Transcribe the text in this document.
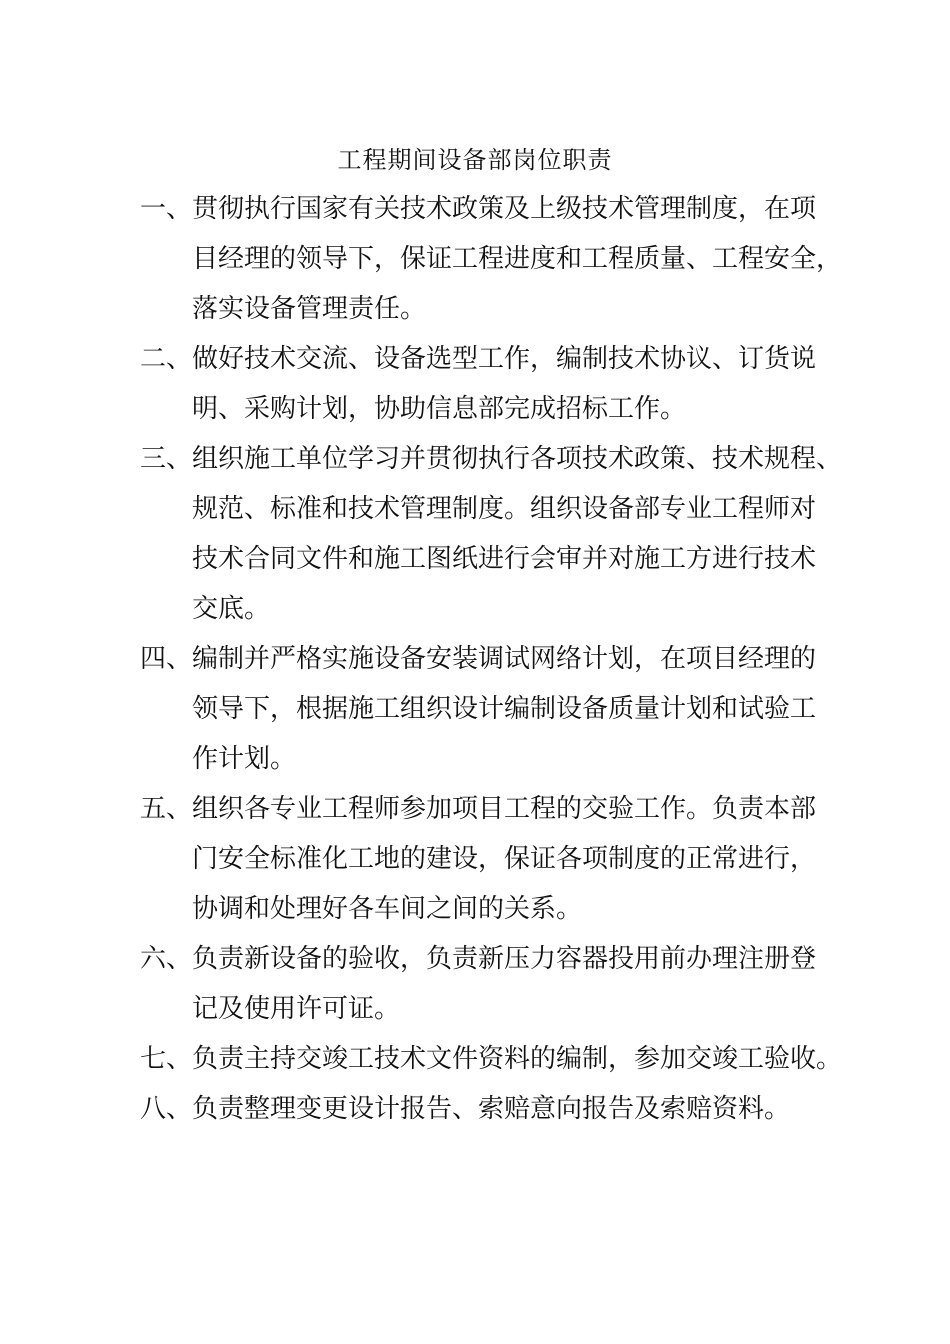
工程期间设备部岗位职责
一、 贯彻执行国家有关技术政策及上级技术管理制度，在项
目经理的领导下，保证工程进度和工程质量、工程安全，
落实设备管理责任。
二、 做好技术交流、设备选型工作，编制技术协议、订货说
明、采购计划，协助信息部完成招标工作。
三、 组织施工单位学习并贯彻执行各项技术政策、技术规程、
规范、标准和技术管理制度。组织设备部专业工程师对
技术合同文件和施工图纸进行会审并对施工方进行技术
交底。
四、 编制并严格实施设备安装调试网络计划，在项目经理的
领导下，根据施工组织设计编制设备质量计划和试验工
作计划。
五、 组织各专业工程师参加项目工程的交验工作。负责本部
门安全标准化工地的建设，保证各项制度的正常进行，
协调和处理好各车间之间的关系。
六、 负责新设备的验收，负责新压力容器投用前办理注册登
记及使用许可证。
七、 负责主持交竣工技术文件资料的编制，参加交竣工验收。
八、 负责整理变更设计报告、索赔意向报告及索赔资料。
